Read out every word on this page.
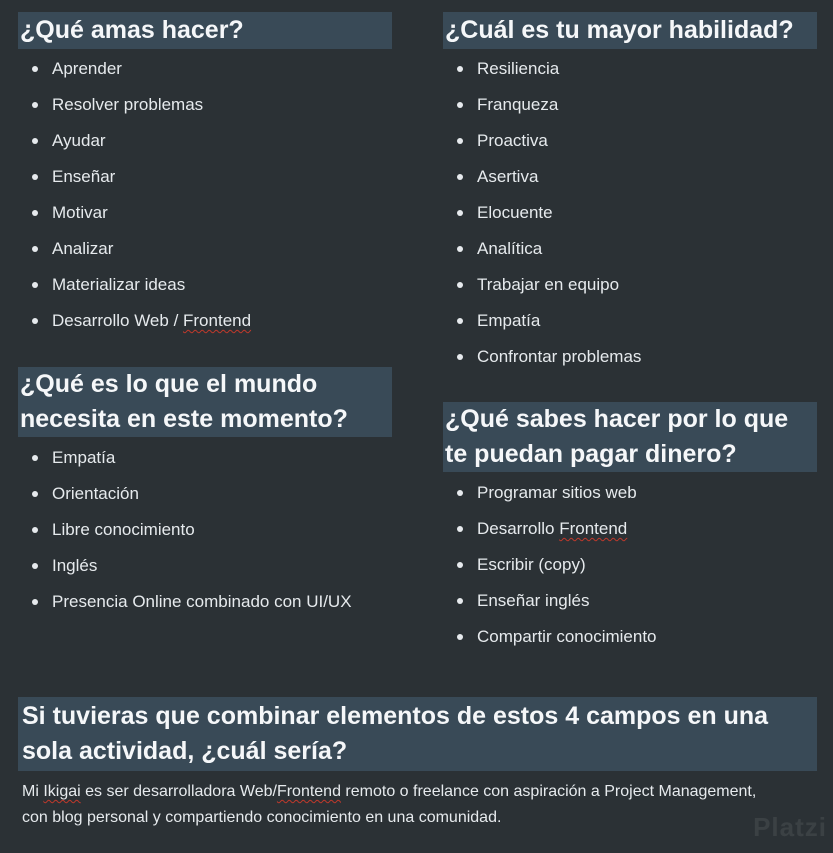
¿Qué amas hacer?
Aprender
Resolver problemas
Ayudar
Enseñar
Motivar
Analizar
Materializar ideas
Desarrollo Web / Frontend
¿Cuál es tu mayor habilidad?
Resiliencia
Franqueza
Proactiva
Asertiva
Elocuente
Analítica
Trabajar en equipo
Empatía
Confrontar problemas
¿Qué es lo que el mundo
necesita en este momento?
Empatía
Orientación
Libre conocimiento
Inglés
Presencia Online combinado con UI/UX
¿Qué sabes hacer por lo que
te puedan pagar dinero?
Programar sitios web
Desarrollo Frontend
Escribir (copy)
Enseñar inglés
Compartir conocimiento
Si tuvieras que combinar elementos de estos 4 campos en una
sola actividad, ¿cuál sería?

Mi Ikigai es ser desarrolladora Web/Frontend remoto o freelance con aspiración a Project Management, con blog personal y compartiendo conocimiento en una comunidad.	Platzi
